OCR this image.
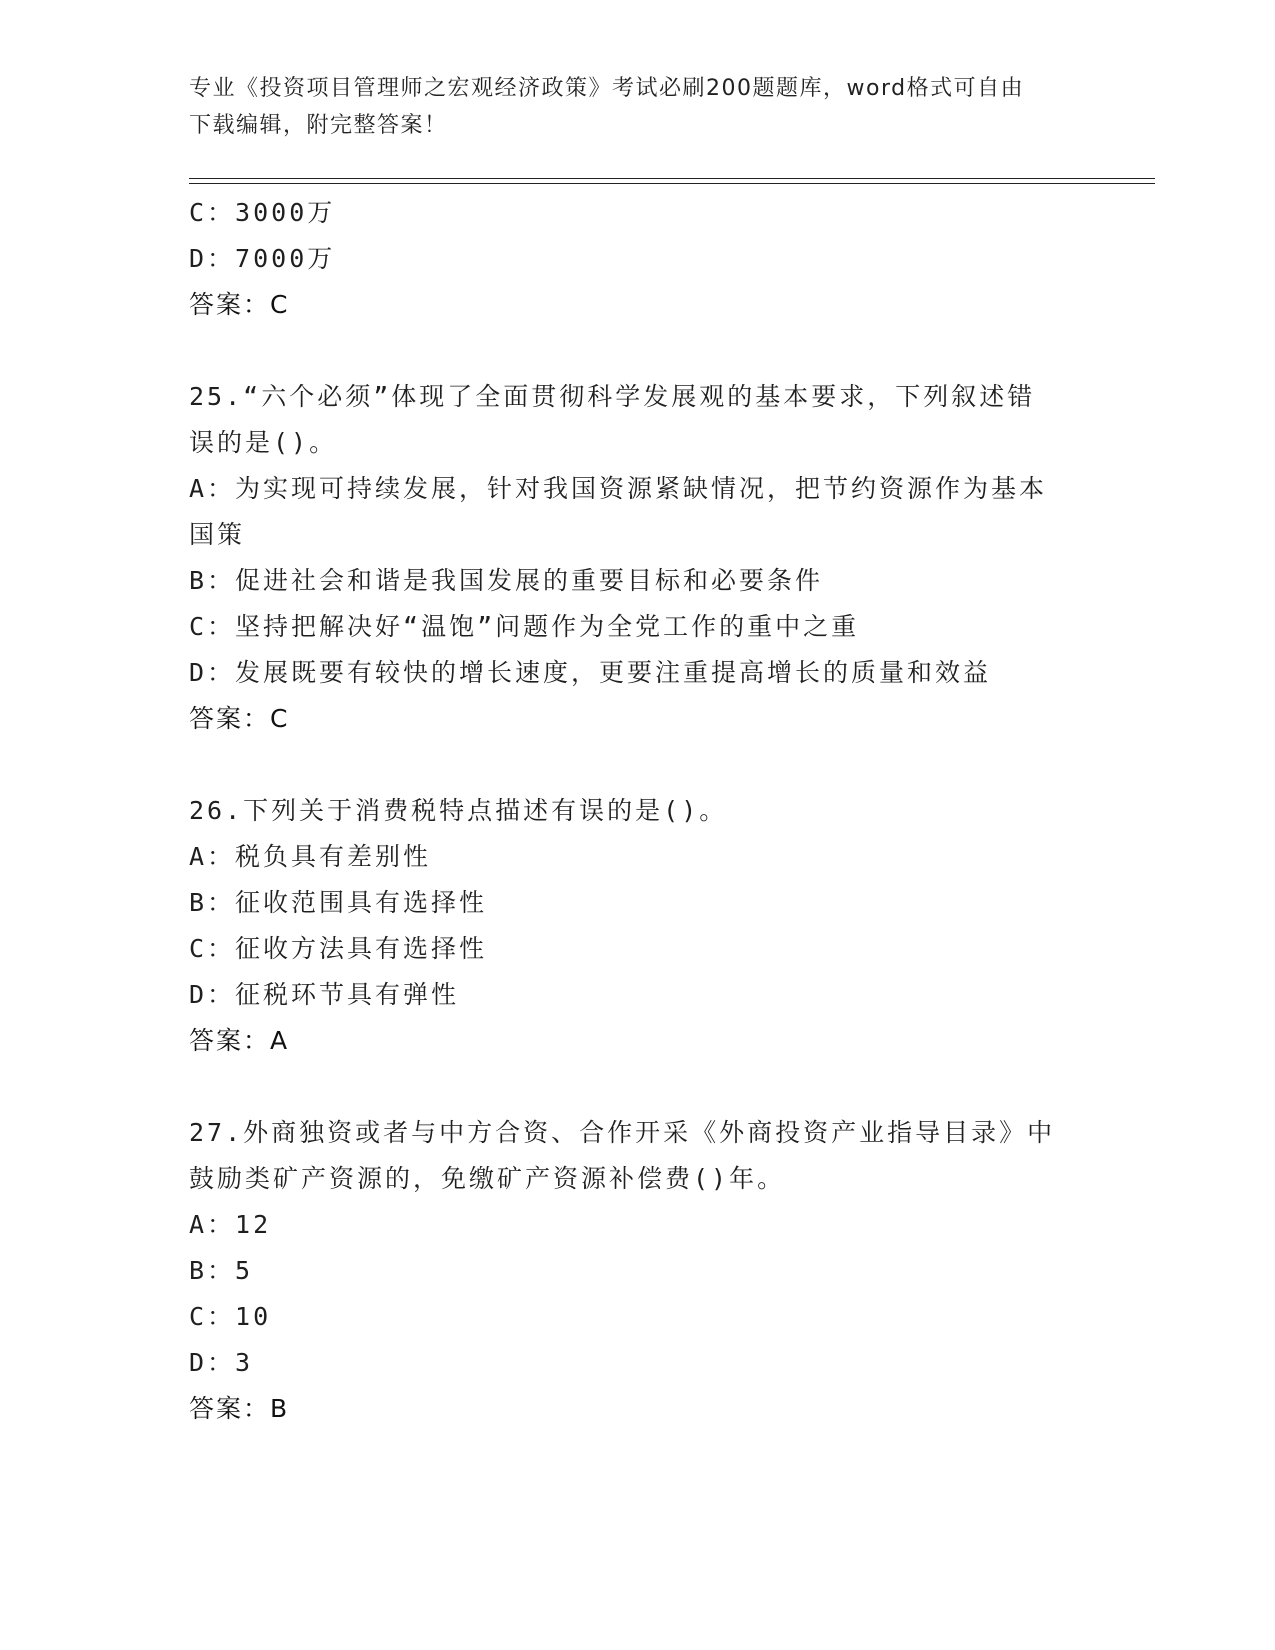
专业《投资项目管理师之宏观经济政策》考试必刷200题题库，word格式可自由
下载编辑，附完整答案！
C：3000万
D：7000万
答案：C
25.“六个必须”体现了全面贯彻科学发展观的基本要求，下列叙述错
误的是()。
A：为实现可持续发展，针对我国资源紧缺情况，把节约资源作为基本
国策
B：促进社会和谐是我国发展的重要目标和必要条件
C：坚持把解决好“温饱”问题作为全党工作的重中之重
D：发展既要有较快的增长速度，更要注重提高增长的质量和效益
答案：C
26.下列关于消费税特点描述有误的是()。
A：税负具有差别性
B：征收范围具有选择性
C：征收方法具有选择性
D：征税环节具有弹性
答案：A
27.外商独资或者与中方合资、合作开采《外商投资产业指导目录》中
鼓励类矿产资源的，免缴矿产资源补偿费()年。
A：12
B：5
C：10
D：3
答案：B
